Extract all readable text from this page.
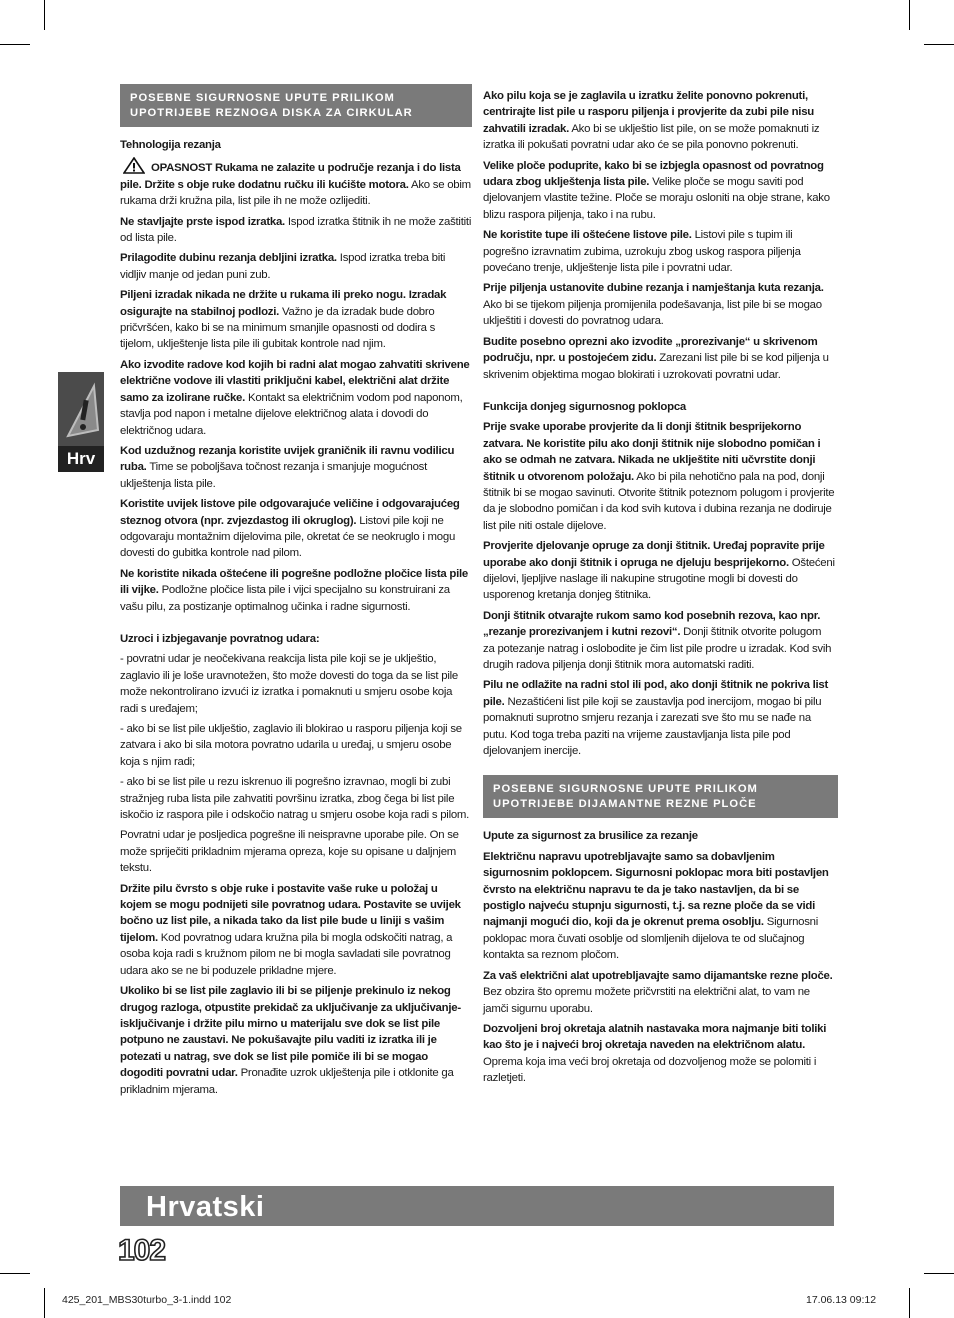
Hrv
POSEBNE SIGURNOSNE UPUTE PRILIKOM UPOTRIJEBE REZNOGA DISKA ZA CIRKULAR

Tehnologija rezanja

OPASNOST Rukama ne zalazite u područje rezanja i do lista pile. Držite s obje ruke dodatnu ručku ili kućište motora. Ako se obim rukama drži kružna pila, list pile ih ne može ozlijediti.

Ne stavljajte prste ispod izratka. Ispod izratka štitnik ih ne može zaštititi od lista pile.

Prilagodite dubinu rezanja debljini izratka. Ispod izratka treba biti vidljiv manje od jedan puni zub.

Piljeni izradak nikada ne držite u rukama ili preko nogu. Izradak osigurajte na stabilnoj podlozi. Važno je da izradak bude dobro pričvršćen, kako bi se na minimum smanjile opasnosti od dodira s tijelom, uklještenje lista pile ili gubitak kontrole nad njim.

Ako izvodite radove kod kojih bi radni alat mogao zahvatiti skrivene električne vodove ili vlastiti priključni kabel, električni alat držite samo za izolirane ručke. Kontakt sa električnim vodom pod naponom, stavlja pod napon i metalne dijelove električnog alata i dovodi do električnog udara.

Kod uzdužnog rezanja koristite uvijek graničnik ili ravnu vodilicu ruba. Time se poboljšava točnost rezanja i smanjuje mogućnost uklještenja lista pile.

Koristite uvijek listove pile odgovarajuće veličine i odgovarajućeg steznog otvora (npr. zvjezdastog ili okruglog). Listovi pile koji ne odgovaraju montažnim dijelovima pile, okretat će se neokruglo i mogu dovesti do gubitka kontrole nad pilom.

Ne koristite nikada oštećene ili pogrešne podložne pločice lista pile ili vijke. Podložne pločice lista pile i vijci specijalno su konstruirani za vašu pilu, za postizanje optimalnog učinka i radne sigurnosti.

Uzroci i izbjegavanje povratnog udara:

- povratni udar je neočekivana reakcija lista pile koji se je uklještio, zaglavio ili je loše uravnotežen, što može dovesti do toga da se list pile može nekontrolirano izvući iz izratka i pomaknuti u smjeru osobe koja radi s uređajem;

- ako bi se list pile uklještio, zaglavio ili blokirao u rasporu piljenja koji se zatvara i ako bi sila motora povratno udarila u uređaj, u smjeru osobe koja s njim radi;

- ako bi se list pile u rezu iskrenuo ili pogrešno izravnao, mogli bi zubi stražnjeg ruba lista pile zahvatiti površinu izratka, zbog čega bi list pile iskočio iz raspora pile i odskočio natrag u smjeru osobe koja radi s pilom.

Povratni udar je posljedica pogrešne ili neispravne uporabe pile. On se može spriječiti prikladnim mjerama opreza, koje su opisane u daljnjem tekstu.

Držite pilu čvrsto s obje ruke i postavite vaše ruke u položaj u kojem se mogu podnijeti sile povratnog udara. Postavite se uvijek bočno uz list pile, a nikada tako da list pile bude u liniji s vašim tijelom. Kod povratnog udara kružna pila bi mogla odskočiti natrag, a osoba koja radi s kružnom pilom ne bi mogla savladati sile povratnog udara ako se ne bi poduzele prikladne mjere.

Ukoliko bi se list pile zaglavio ili bi se piljenje prekinulo iz nekog drugog razloga, otpustite prekidač za uključivanje za uključivanje-isključivanje i držite pilu mirno u materijalu sve dok se list pile potpuno ne zaustavi. Ne pokušavajte pilu vaditi iz izratka ili je potezati u natrag, sve dok se list pile pomiče ili bi se mogao dogoditi povratni udar. Pronađite uzrok uklještenja pile i otklonite ga prikladnim mjerama.

Ako pilu koja se je zaglavila u izratku želite ponovno pokrenuti, centrirajte list pile u rasporu piljenja i provjerite da zubi pile nisu zahvatili izradak. Ako bi se uklještio list pile, on se može pomaknuti iz izratka ili pokušati povratni udar ako će se pila ponovno pokrenuti.

Velike ploče poduprite, kako bi se izbjegla opasnost od povratnog udara zbog uklještenja lista pile. Velike ploče se mogu saviti pod djelovanjem vlastite težine. Ploče se moraju osloniti na obje strane, kako blizu raspora piljenja, tako i na rubu.

Ne koristite tupe ili oštećene listove pile. Listovi pile s tupim ili pogrešno izravnatim zubima, uzrokuju zbog uskog raspora piljenja povećano trenje, uklještenje lista pile i povratni udar.

Prije piljenja ustanovite dubine rezanja i namještanja kuta rezanja. Ako bi se tijekom piljenja promijenila podešavanja, list pile bi se mogao uklještiti i dovesti do povratnog udara.

Budite posebno oprezni ako izvodite „prorezivanje“ u skrivenom području, npr. u postojećem zidu. Zarezani list pile bi se kod piljenja u skrivenim objektima mogao blokirati i uzrokovati povratni udar.

Funkcija donjeg sigurnosnog poklopca

Prije svake uporabe provjerite da li donji štitnik besprijekorno zatvara. Ne koristite pilu ako donji štitnik nije slobodno pomičan i ako se odmah ne zatvara. Nikada ne uklještite niti učvrstite donji štitnik u otvorenom položaju. Ako bi pila nehotično pala na pod, donji štitnik bi se mogao savinuti. Otvorite štitnik poteznom polugom i provjerite da je slobodno pomičan i da kod svih kutova i dubina rezanja ne dodiruje list pile niti ostale dijelove.

Provjerite djelovanje opruge za donji štitnik. Uređaj popravite prije uporabe ako donji štitnik i opruga ne djeluju besprijekorno. Oštećeni dijelovi, ljepljive naslage ili nakupine strugotine mogli bi dovesti do usporenog kretanja donjeg štitnika.

Donji štitnik otvarajte rukom samo kod posebnih rezova, kao npr. „rezanje prorezivanjem i kutni rezovi“. Donji štitnik otvorite polugom za potezanje natrag i oslobodite je čim list pile prodre u izradak. Kod svih drugih radova piljenja donji štitnik mora automatski raditi.

Pilu ne odlažite na radni stol ili pod, ako donji štitnik ne pokriva list pile. Nezaštićeni list pile koji se zaustavlja pod inercijom, mogao bi pilu pomaknuti suprotno smjeru rezanja i zarezati sve što mu se nađe na putu. Kod toga treba paziti na vrijeme zaustavljanja lista pile pod djelovanjem inercije.

POSEBNE SIGURNOSNE UPUTE PRILIKOM UPOTRIJEBE DIJAMANTNE REZNE PLOČE

Upute za sigurnost za brusilice za rezanje

Električnu napravu upotrebljavajte samo sa dobavljenim sigurnosnim poklopcem. Sigurnosni poklopac mora biti postavljen čvrsto na električnu napravu te da je tako nastavljen, da bi se postiglo najveću stupnju sigurnosti, t.j. sa rezne ploče da se vidi najmanji mogući dio, koji da je okrenut prema osoblju. Sigurnosni poklopac mora čuvati osoblje od slomljenih dijelova te od slučajnog kontakta sa reznom pločom.

Za vaš električni alat upotrebljavajte samo dijamantske rezne ploče. Bez obzira što opremu možete pričvrstiti na električni alat, to vam ne jamči sigurnu uporabu.

Dozvoljeni broj okretaja alatnih nastavaka mora najmanje biti toliki kao što je i najveći broj okretaja naveden na električnom alatu. Oprema koja ima veći broj okretaja od dozvoljenog može se polomiti i razletjeti.

Hrvatski
102
425_201_MBS30turbo_3-1.indd 102	17.06.13 09:12
